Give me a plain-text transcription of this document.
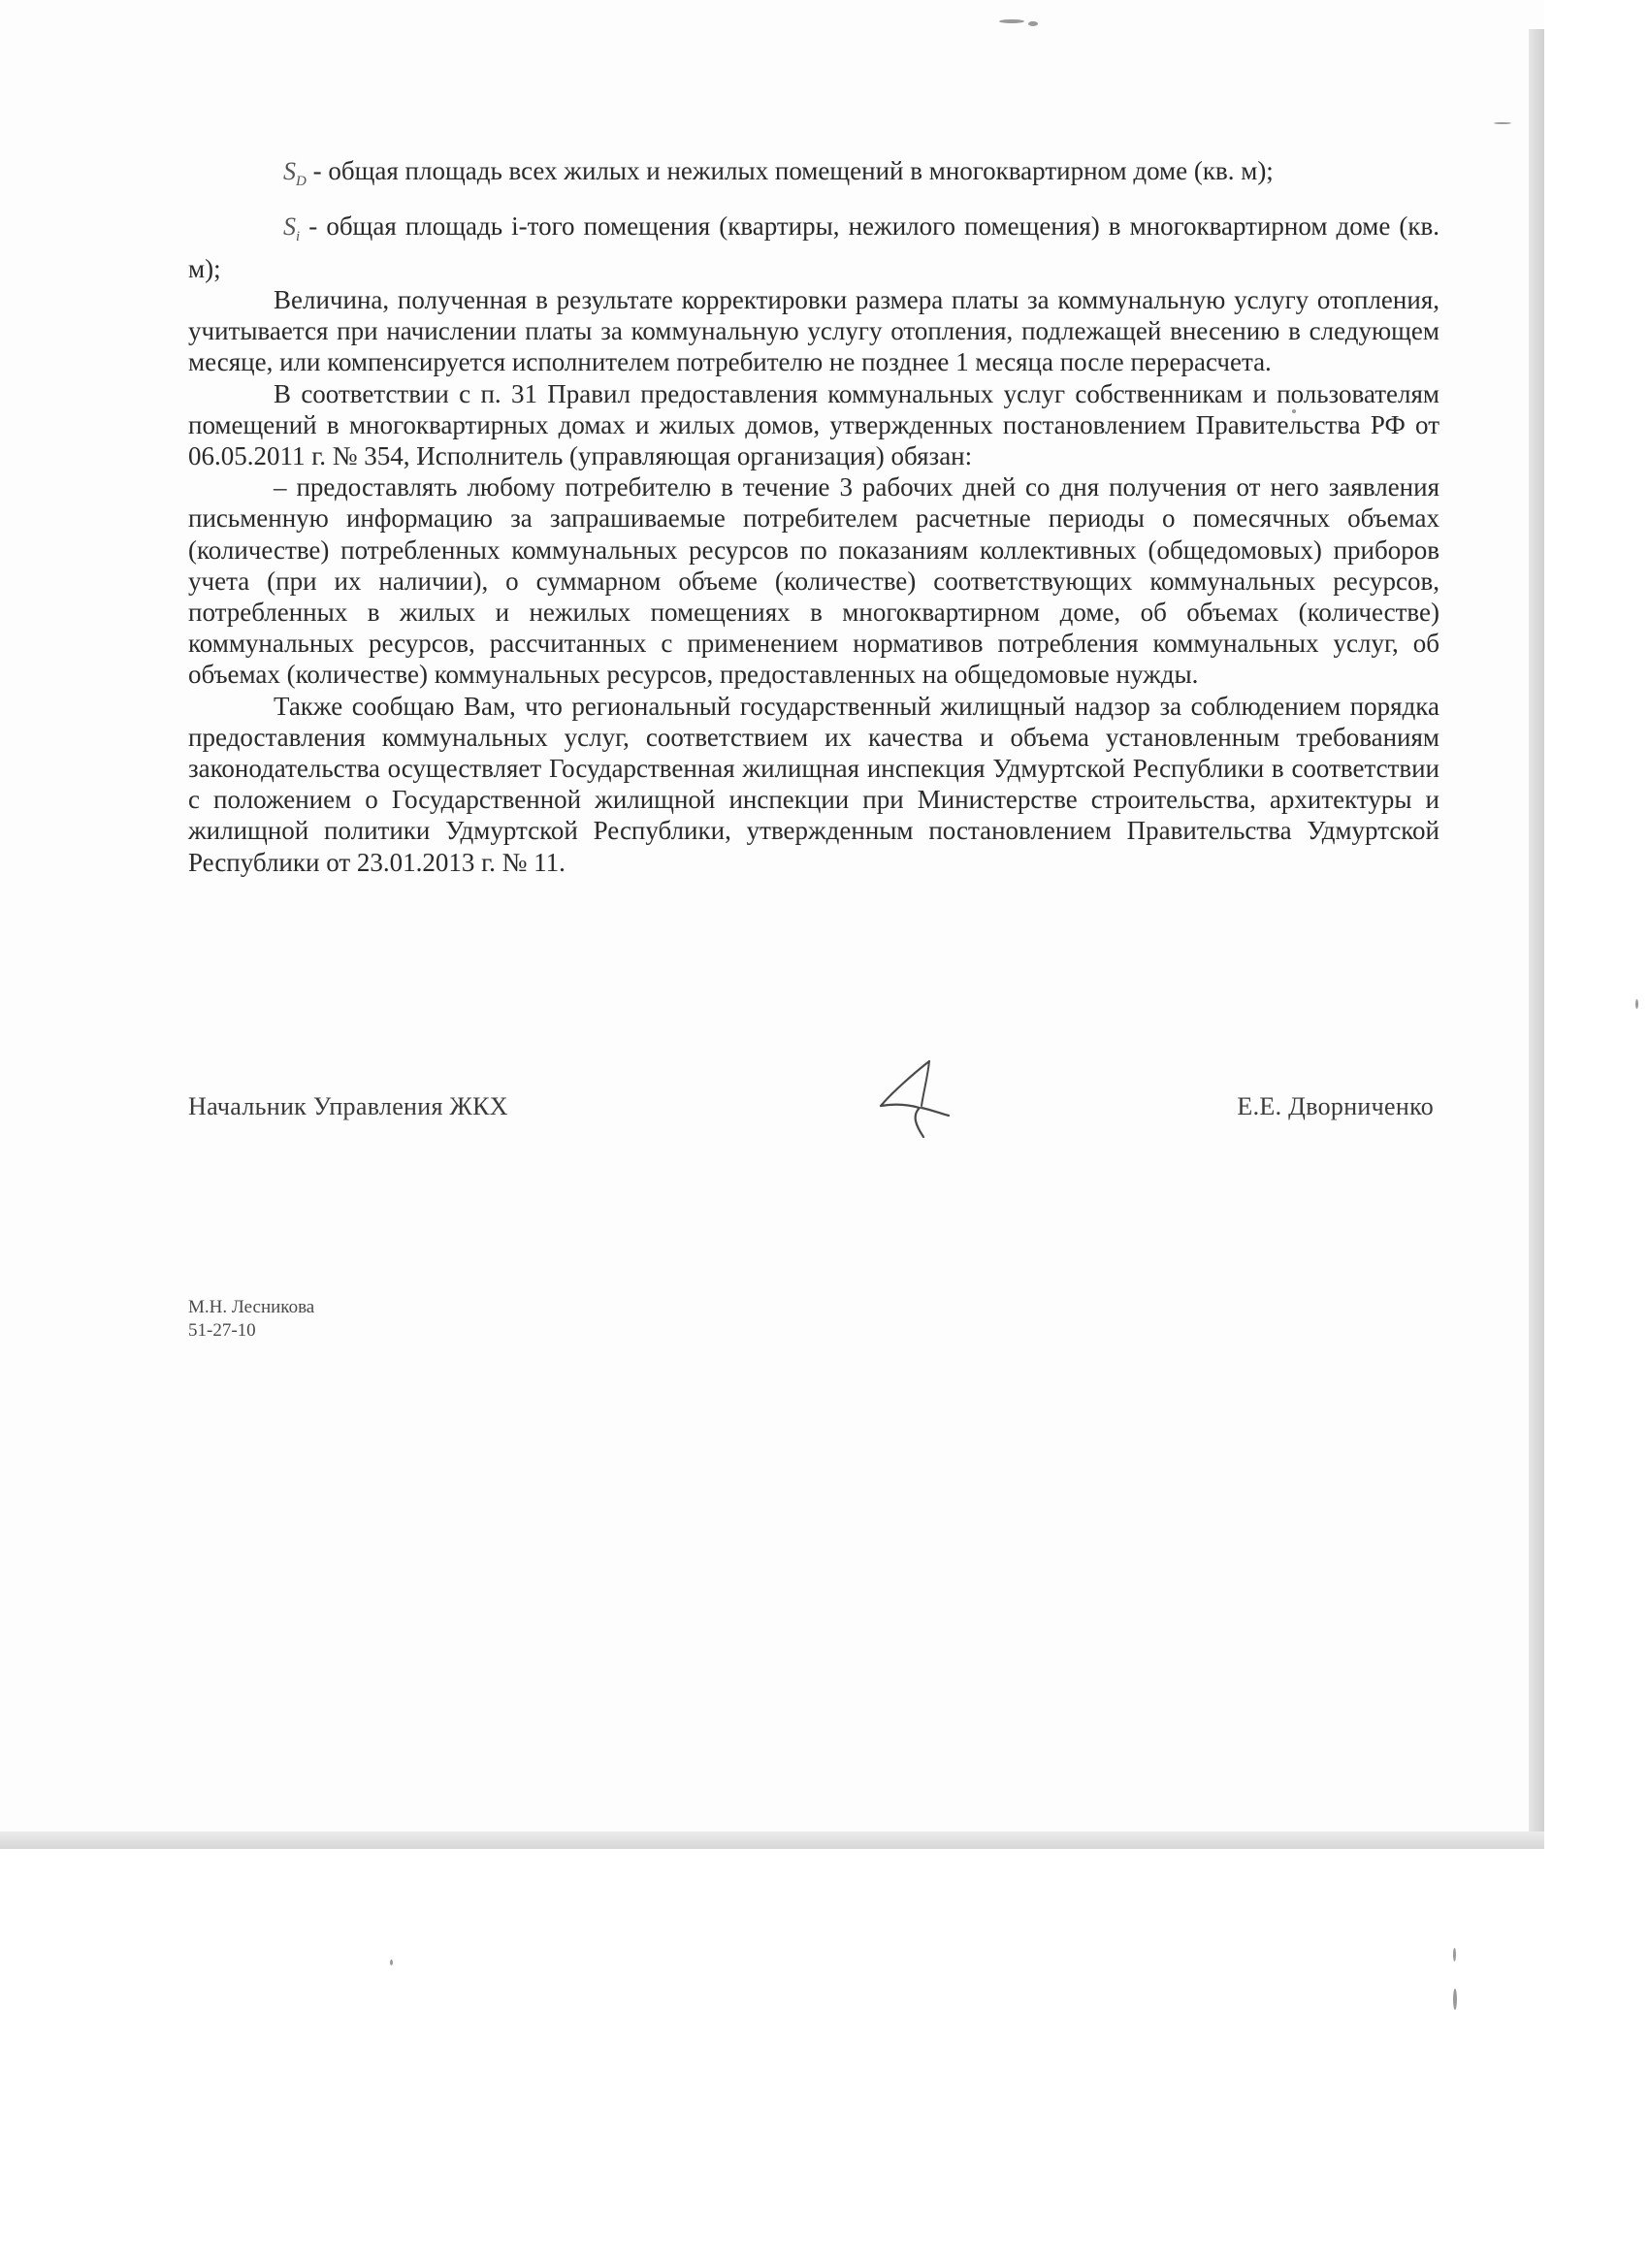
$S_D$ - общая площадь всех жилых и нежилых помещений в многоквартирном доме (кв. м);

$S_i$ - общая площадь i-того помещения (квартиры, нежилого помещения) в многоквартирном доме (кв. м);

Величина, полученная в результате корректировки размера платы за коммунальную услугу отопления, учитывается при начислении платы за коммунальную услугу отопления, подлежащей внесению в следующем месяце, или компенсируется исполнителем потребителю не позднее 1 месяца после перерасчета.

В соответствии с п. 31 Правил предоставления коммунальных услуг собственникам и пользователям помещений в многоквартирных домах и жилых домов, утвержденных постановлением Правительства РФ от 06.05.2011 г. № 354, Исполнитель (управляющая организация) обязан:

– предоставлять любому потребителю в течение 3 рабочих дней со дня получения от него заявления письменную информацию за запрашиваемые потребителем расчетные периоды о помесячных объемах (количестве) потребленных коммунальных ресурсов по показаниям коллективных (общедомовых) приборов учета (при их наличии), о суммарном объеме (количестве) соответствующих коммунальных ресурсов, потребленных в жилых и нежилых помещениях в многоквартирном доме, об объемах (количестве) коммунальных ресурсов, рассчитанных с применением нормативов потребления коммунальных услуг, об объемах (количестве) коммунальных ресурсов, предоставленных на общедомовые нужды.

Также сообщаю Вам, что региональный государственный жилищный надзор за соблюдением порядка предоставления коммунальных услуг, соответствием их качества и объема установленным требованиям законодательства осуществляет Государственная жилищная инспекция Удмуртской Республики в соответствии с положением о Государственной жилищной инспекции при Министерстве строительства, архитектуры и жилищной политики Удмуртской Республики, утвержденным постановлением Правительства Удмуртской Республики от 23.01.2013 г. № 11.

Начальник Управления ЖКХ	Е.Е. Дворниченко
М.Н. Лесникова
51-27-10
